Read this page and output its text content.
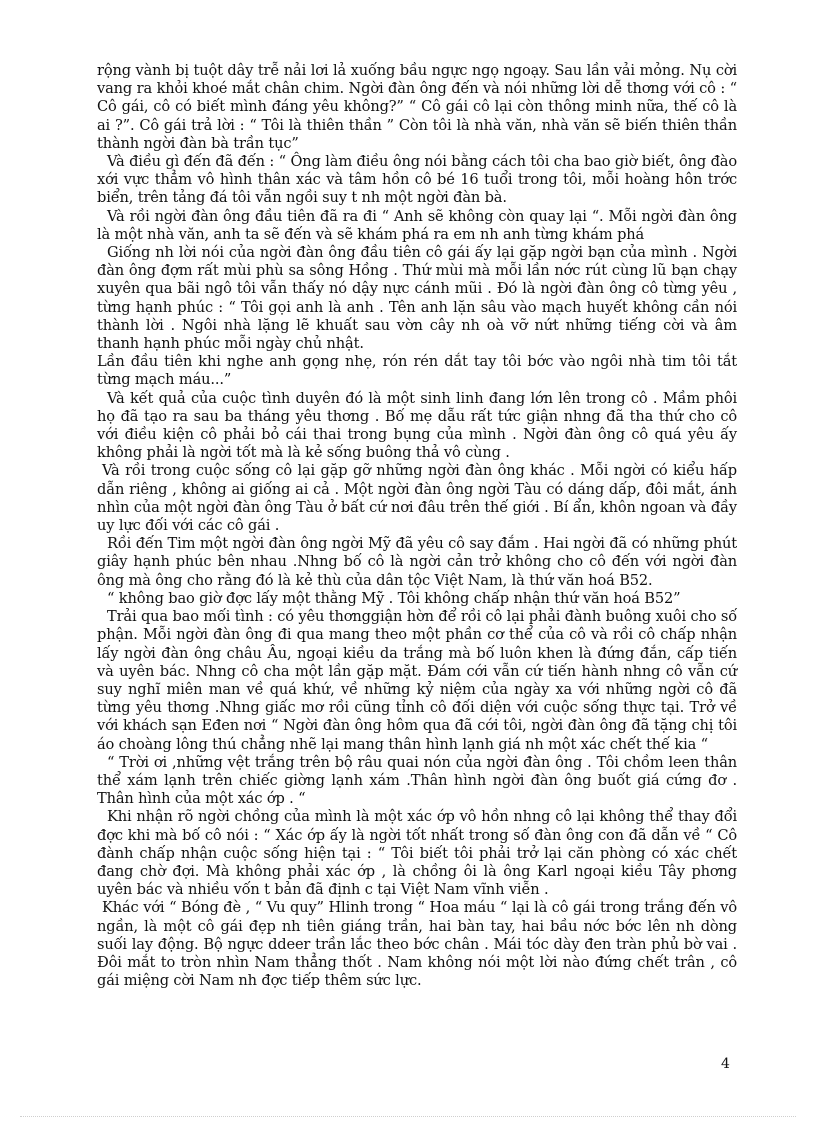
rộng vành bị tuột dây trễ nải lơi lả xuống bầu ngực ngọ ngoạy. Sau lần vải mỏng. Nụ cời vang ra khỏi khoé mắt chân chim. Ngời đàn ông đến và nói những lời dễ thơng với cô : “ Cô gái, cô có biết mình đáng yêu không?” “ Cô gái cô lại còn thông minh nữa, thế cô là ai ?”. Cô gái trả lời : “ Tôi là thiên thần ” Còn tôi là nhà văn, nhà văn sẽ biến thiên thần thành ngời đàn bà trần tục”

Và điều gì đến đã đến : “ Ông làm điều ông nói bằng cách tôi cha bao giờ biết, ông đào xới vực thẳm vô hình thân xác và tâm hồn cô bé 16 tuổi trong tôi, mỗi hoàng hôn trớc biển, trên tảng đá tôi vẫn ngồi suy t nh một ngời đàn bà.

Và rồi ngời đàn ông đầu tiên đã ra đi “ Anh sẽ không còn quay lại “. Mỗi ngời đàn ông là một nhà văn, anh ta sẽ đến và sẽ khám phá ra em nh anh từng khám phá

Giống nh lời nói của ngời đàn ông đầu tiên cô gái ấy lại gặp ngời bạn của mình . Ngời đàn ông đợm rất mùi phù sa sông Hồng . Thứ mùi mà mỗi lần nớc rút cùng lũ bạn chạy xuyên qua bãi ngô tôi vẫn thấy nó dậy nực cánh mũi . Đó là ngời đàn ông cô từng yêu , từng hạnh phúc : “ Tôi gọi anh là anh . Tên anh lặn sâu vào mạch huyết không cần nói thành lời . Ngôi nhà lặng lẽ khuất sau vờn cây nh oà vỡ nứt những tiếng cời và âm thanh hạnh phúc mỗi ngày chủ nhật.

Lần đầu tiên khi nghe anh gọng nhẹ, rón rén dắt tay tôi bớc vào ngôi nhà tim tôi tắt từng mạch máu...”

Và kết quả của cuộc tình duyên đó là một sinh linh đang lớn lên trong cô . Mầm phôi họ đã tạo ra sau ba tháng yêu thơng . Bố mẹ dẫu rất tức giận nhng đã tha thứ cho cô với điều kiện cô phải bỏ cái thai trong bụng của mình . Ngời đàn ông cô quá yêu ấy không phải là ngời tốt mà là kẻ sống buông thả vô cùng .

Và rồi trong cuộc sống cô lại gặp gỡ những ngời đàn ông khác . Mỗi ngời có kiểu hấp dẫn riêng , không ai giống ai cả . Một ngời đàn ông ngời Tàu có dáng dấp, đôi mắt, ánh nhìn của một ngời đàn ông Tàu ở bất cứ nơi đâu trên thế giới . Bí ẩn, khôn ngoan và đầy uy lực đối với các cô gái .

Rồi đến Tim một ngời đàn ông ngời Mỹ đã yêu cô say đắm . Hai ngời đã có những phút giây hạnh phúc bên nhau .Nhng bố cô là ngời cản trở không cho cô đến với ngời đàn ông mà ông cho rằng đó là kẻ thù của dân tộc Việt Nam, là thứ văn hoá B52.

“ không bao giờ đợc lấy một thằng Mỹ . Tôi không chấp nhận thứ văn hoá B52”

Trải qua bao mối tình : có yêu thơnggiận hờn để rồi cô lại phải đành buông xuôi cho số phận. Mỗi ngời đàn ông đi qua mang theo một phần cơ thể của cô và rồi cô chấp nhận lấy ngời đàn ông châu Âu, ngoại kiều da trắng mà bố luôn khen là đứng đắn, cấp tiến và uyên bác. Nhng cô cha một lần gặp mặt. Đám cới vẫn cứ tiến hành nhng cô vẫn cứ suy nghĩ miên man về quá khứ, về những kỷ niệm của ngày xa với những ngời cô đã từng yêu thơng .Nhng giấc mơ rồi cũng tỉnh cô đối diện với cuộc sống thực tại. Trở về với khách sạn Eđen nơi “ Ngời đàn ông hôm qua đã cới tôi, ngời đàn ông đã tặng chị tôi áo choàng lông thú chẳng nhẽ lại mang thân hình lạnh giá nh một xác chết thế kia “

“ Trời ơi ,những vệt trắng trên bộ râu quai nón của ngời đàn ông . Tôi chồm leen thân thể xám lạnh trên chiếc giờng lạnh xám .Thân hình ngời đàn ông buốt giá cứng đơ . Thân hình của một xác ớp . “

Khi nhận rõ ngời chồng của mình là một xác ớp vô hồn nhng cô lại không thể thay đổi đợc khi mà bố cô nói : “ Xác ớp ấy là ngời tốt nhất trong số đàn ông con đã dẫn về “ Cô đành chấp nhận cuộc sống hiện tại : “ Tôi biết tôi phải trở lại căn phòng có xác chết đang chờ đợi. Mà không phải xác ớp , là chồng ôi là ông Karl ngoại kiều Tây phơng uyên bác và nhiều vốn t bản đã định c tại Việt Nam vĩnh viễn .

Khác với “ Bóng đè , “ Vu quy” Hlinh trong “ Hoa máu “ lại là cô gái trong trắng đến vô ngần, là một cô gái đẹp nh tiên giáng trần, hai bàn tay, hai bầu nớc bớc lên nh dòng suối lay động. Bộ ngực ddeer trần lắc theo bớc chân . Mái tóc dày đen tràn phủ bờ vai . Đôi mắt to tròn nhìn Nam thẳng thốt . Nam không nói một lời nào đứng chết trân , cô gái miệng cời Nam nh đợc tiếp thêm sức lực.

4
